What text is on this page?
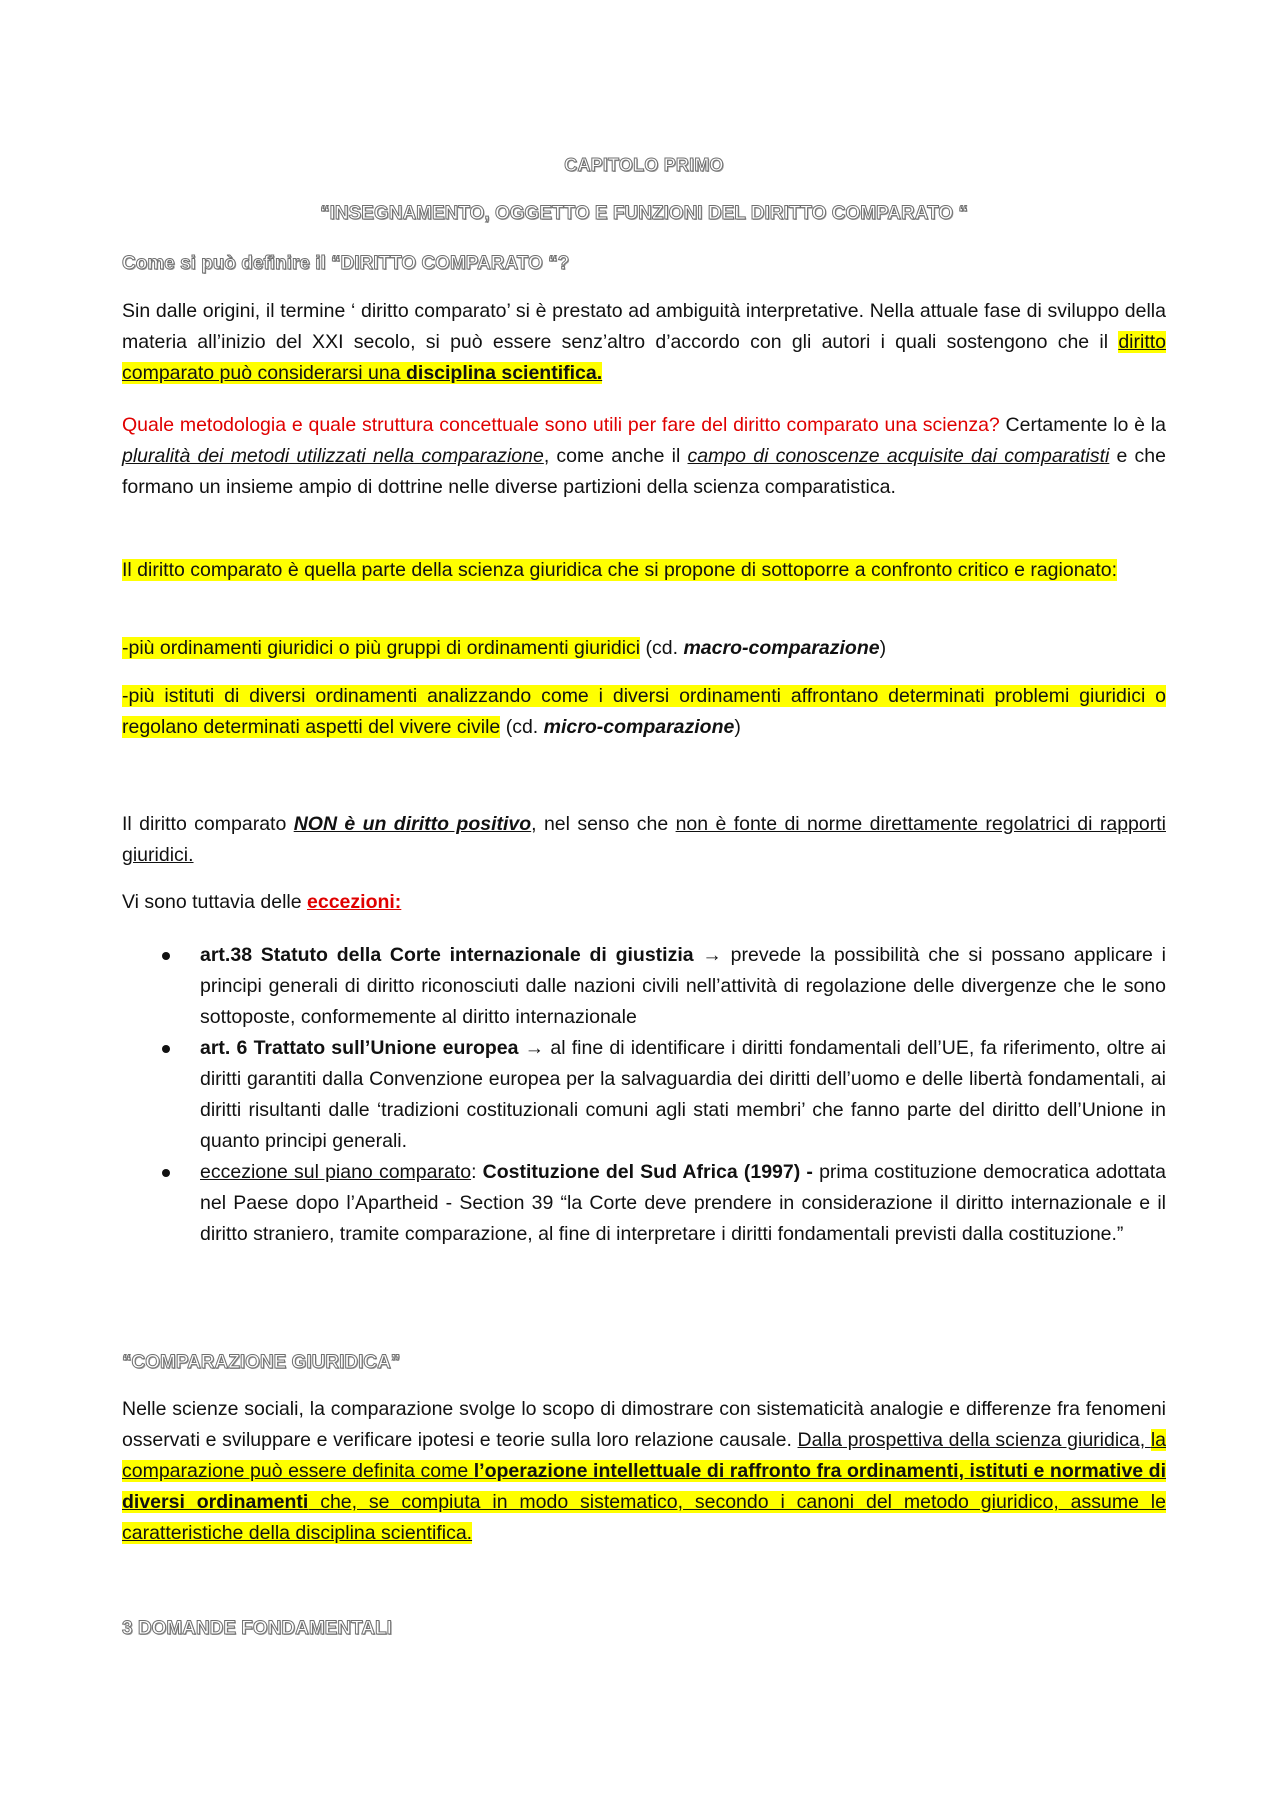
CAPITOLO PRIMO
“INSEGNAMENTO, OGGETTO E FUNZIONI DEL DIRITTO COMPARATO “
Come si può definire il “DIRITTO COMPARATO “?

Sin dalle origini, il termine ‘ diritto comparato’ si è prestato ad ambiguità interpretative. Nella attuale fase di sviluppo della materia all’inizio del XXI secolo, si può essere senz’altro d’accordo con gli autori i quali sostengono che il diritto comparato può considerarsi una disciplina scientifica.

Quale metodologia e quale struttura concettuale sono utili per fare del diritto comparato una scienza? Certamente lo è la pluralità dei metodi utilizzati nella comparazione, come anche il campo di conoscenze acquisite dai comparatisti e che formano un insieme ampio di dottrine nelle diverse partizioni della scienza comparatistica.

Il diritto comparato è quella parte della scienza giuridica che si propone di sottoporre a confronto critico e ragionato:

-più ordinamenti giuridici o più gruppi di ordinamenti giuridici (cd. macro-comparazione)

-più istituti di diversi ordinamenti analizzando come i diversi ordinamenti affrontano determinati problemi giuridici o regolano determinati aspetti del vivere civile (cd. micro-comparazione)

Il diritto comparato NON è un diritto positivo, nel senso che non è fonte di norme direttamente regolatrici di rapporti giuridici.

Vi sono tuttavia delle eccezioni:

art.38 Statuto della Corte internazionale di giustizia → prevede la possibilità che si possano applicare i principi generali di diritto riconosciuti dalle nazioni civili nell’attività di regolazione delle divergenze che le sono sottoposte, conformemente al diritto internazionale
art. 6 Trattato sull’Unione europea → al fine di identificare i diritti fondamentali dell’UE, fa riferimento, oltre ai diritti garantiti dalla Convenzione europea per la salvaguardia dei diritti dell’uomo e delle libertà fondamentali, ai diritti risultanti dalle ‘tradizioni costituzionali comuni agli stati membri’ che fanno parte del diritto dell’Unione in quanto principi generali.
eccezione sul piano comparato: Costituzione del Sud Africa (1997) - prima costituzione democratica adottata nel Paese dopo l’Apartheid - Section 39 “la Corte deve prendere in considerazione il diritto internazionale e il diritto straniero, tramite comparazione, al fine di interpretare i diritti fondamentali previsti dalla costituzione.”
“COMPARAZIONE GIURIDICA”

Nelle scienze sociali, la comparazione svolge lo scopo di dimostrare con sistematicità analogie e differenze fra fenomeni osservati e sviluppare e verificare ipotesi e teorie sulla loro relazione causale. Dalla prospettiva della scienza giuridica, la comparazione può essere definita come l’operazione intellettuale di raffronto fra ordinamenti, istituti e normative di diversi ordinamenti che, se compiuta in modo sistematico, secondo i canoni del metodo giuridico, assume le caratteristiche della disciplina scientifica.

3 DOMANDE FONDAMENTALI
